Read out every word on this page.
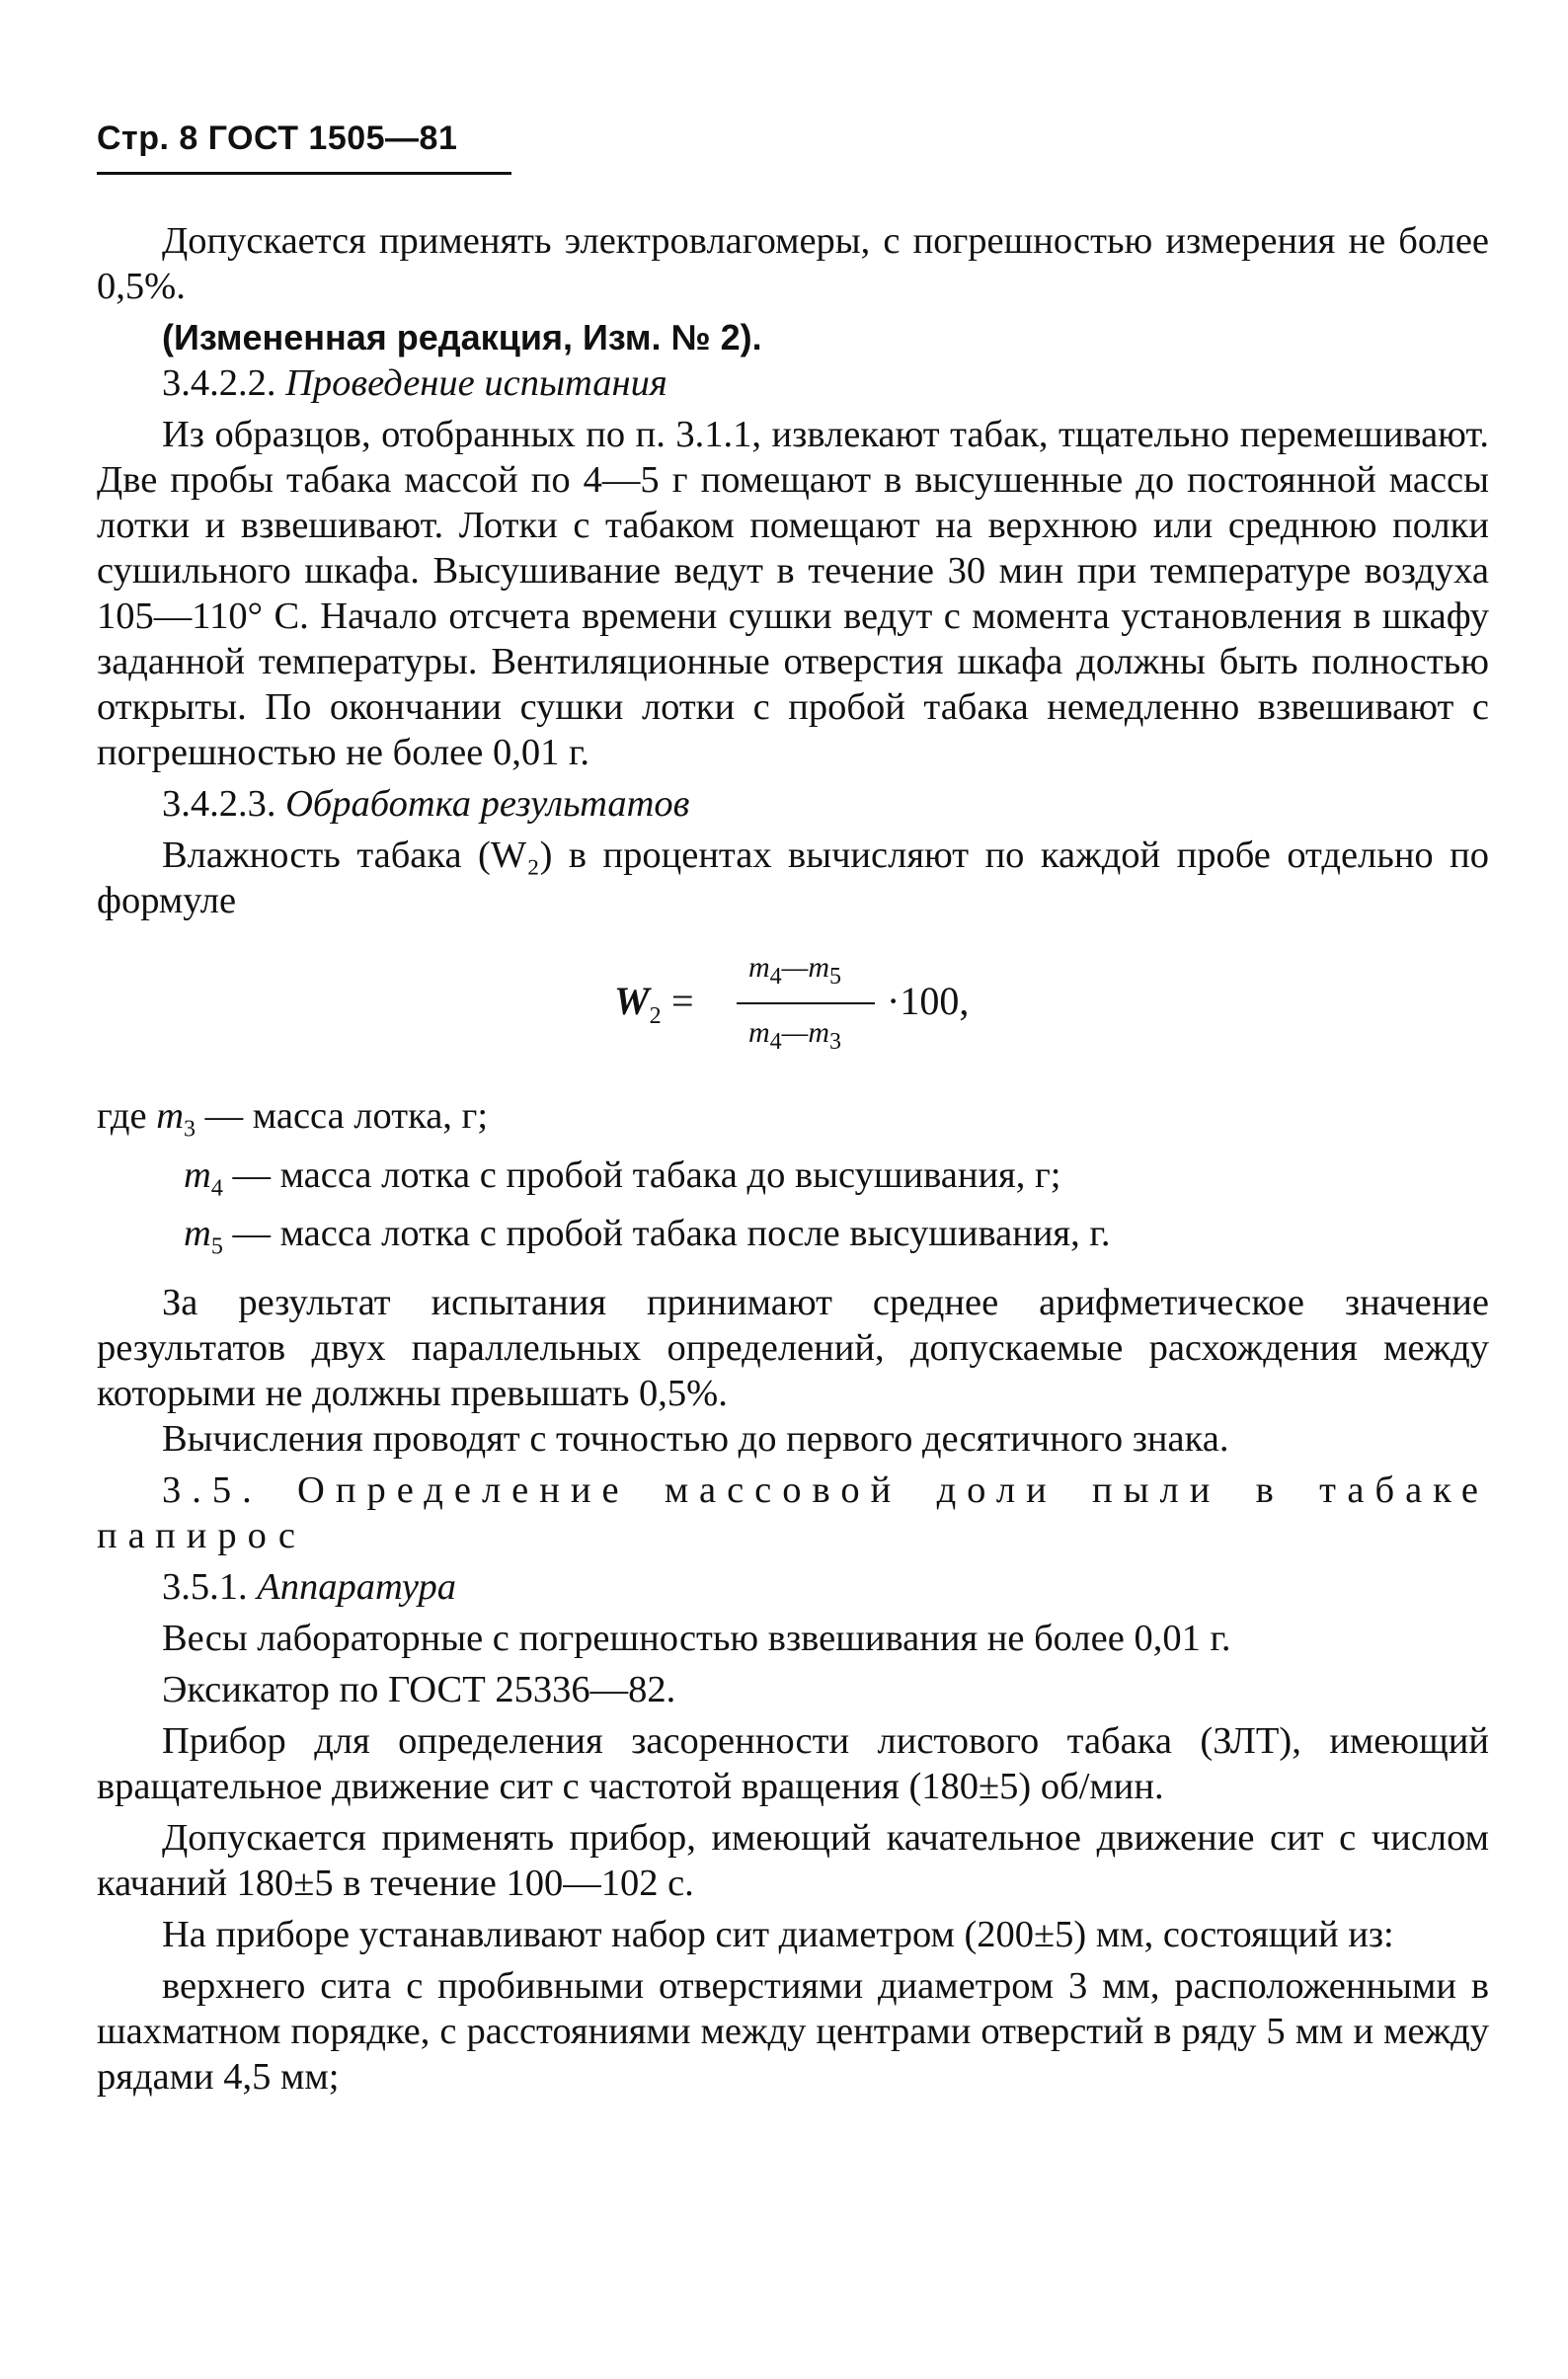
Стр. 8 ГОСТ 1505—81

Допускается применять электровлагомеры, с погрешностью измерения не более 0,5%.

(Измененная редакция, Изм. № 2).

3.4.2.2. Проведение испытания

Из образцов, отобранных по п. 3.1.1, извлекают табак, тщательно перемешивают. Две пробы табака массой по 4—5 г помещают в высушенные до постоянной массы лотки и взвешивают. Лотки с табаком помещают на верхнюю или среднюю полки сушильного шкафа. Высушивание ведут в течение 30 мин при температуре воздуха 105—110° С. Начало отсчета времени сушки ведут с момента установления в шкафу заданной температуры. Вентиляционные отверстия шкафа должны быть полностью открыты. По окончании сушки лотки с пробой табака немедленно взвешивают с погрешностью не более 0,01 г.

3.4.2.3. Обработка результатов

Влажность табака (W₂) в процентах вычисляют по каждой пробе отдельно по формуле

$W_2$ =
$m_4—m_5$
$m_4—m_3$
·100,
где
$m_3$
— масса лотка, г;
$m_4$
— масса лотка с пробой табака до высушивания, г;
$m_5$
— масса лотка с пробой табака после высушивания, г.

За результат испытания принимают среднее арифметическое значение результатов двух параллельных определений, допускаемые расхождения между которыми не должны превышать 0,5%.

Вычисления проводят с точностью до первого десятичного знака.

3.5. Определение массовой доли пыли в табаке папирос

3.5.1. Аппаратура

Весы лабораторные с погрешностью взвешивания не более 0,01 г.

Эксикатор по ГОСТ 25336—82.

Прибор для определения засоренности листового табака (ЗЛТ), имеющий вращательное движение сит с частотой вращения (180±5) об/мин.

Допускается применять прибор, имеющий качательное движение сит с числом качаний 180±5 в течение 100—102 с.

На приборе устанавливают набор сит диаметром (200±5) мм, состоящий из:

верхнего сита с пробивными отверстиями диаметром 3 мм, расположенными в шахматном порядке, с расстояниями между центрами отверстий в ряду 5 мм и между рядами 4,5 мм;
